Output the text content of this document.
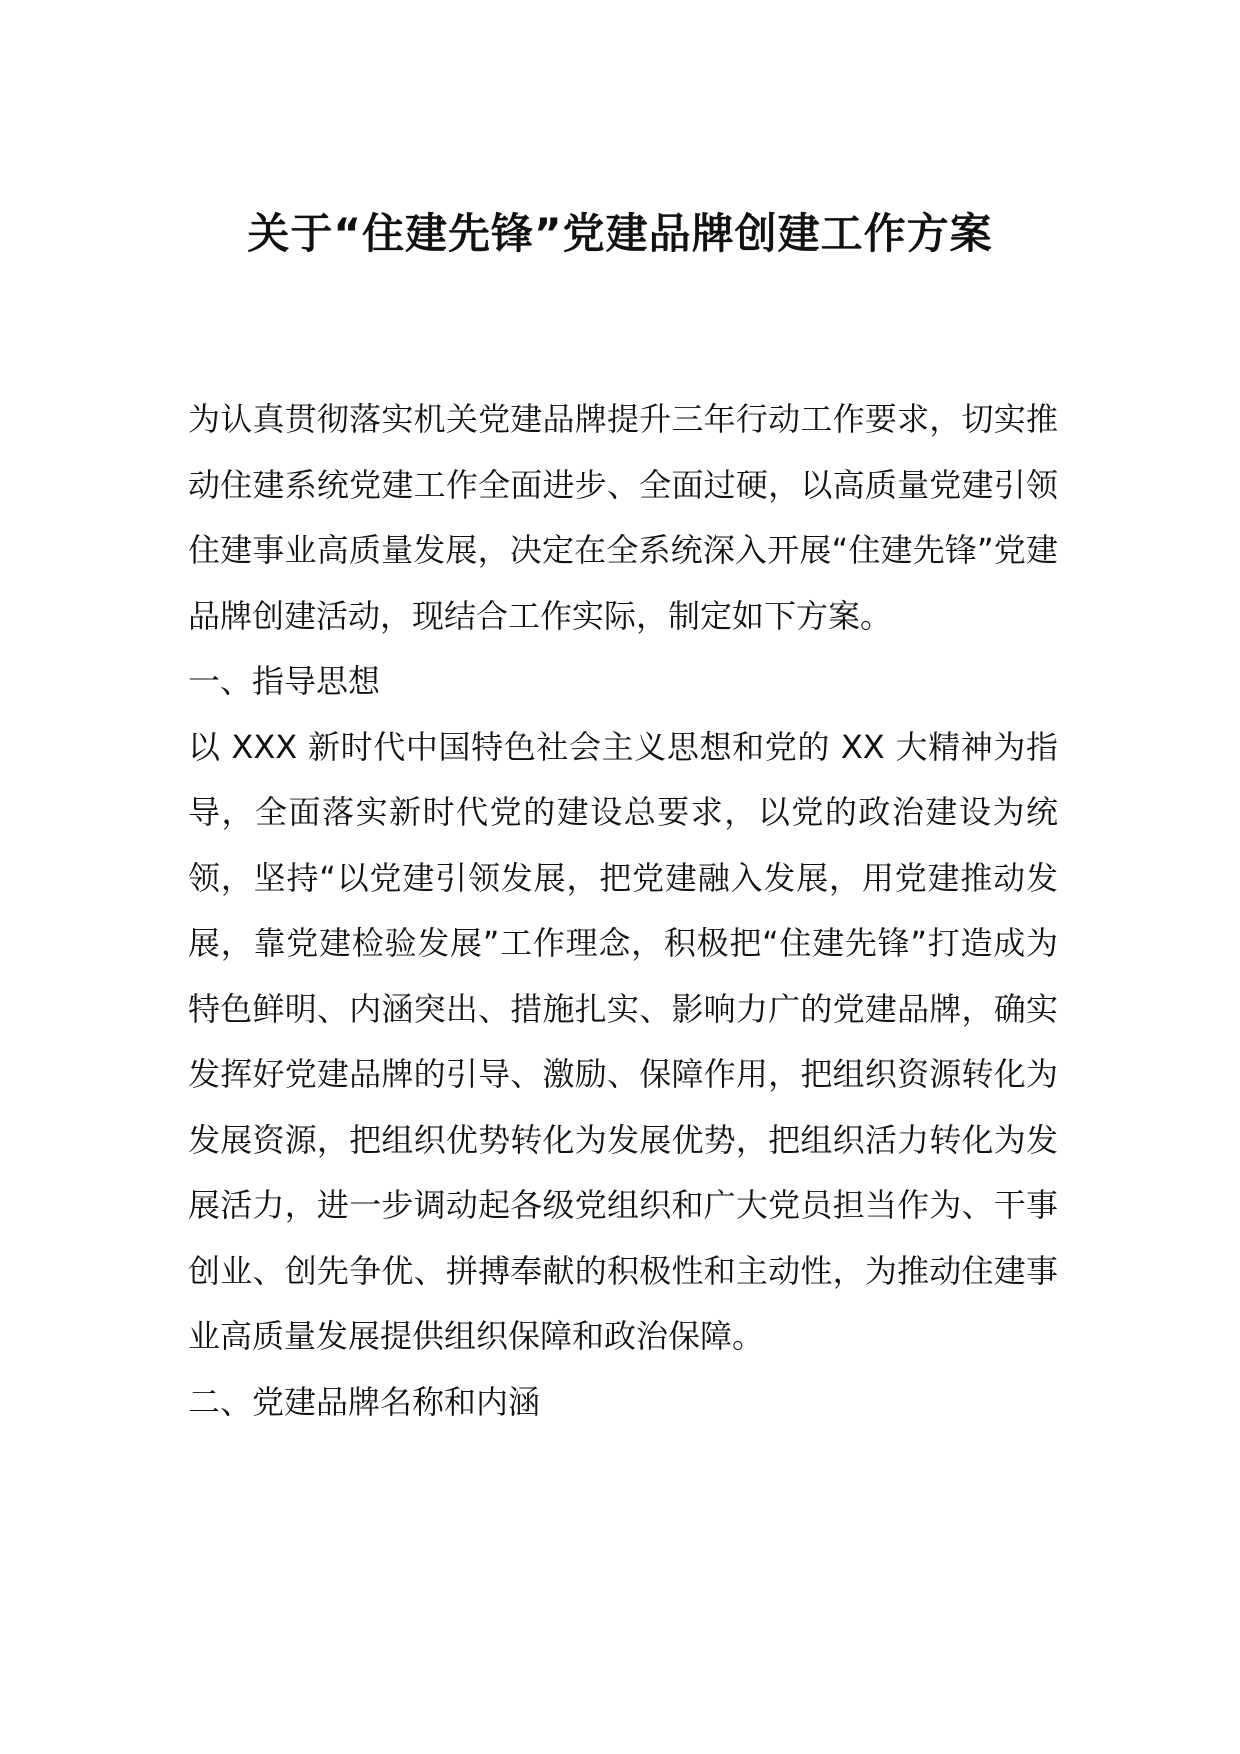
关于“住建先锋”党建品牌创建工作方案

为认真贯彻落实机关党建品牌提升三年行动工作要求，切实推动住建系统党建工作全面进步、全面过硬，以高质量党建引领住建事业高质量发展，决定在全系统深入开展“住建先锋”党建品牌创建活动，现结合工作实际，制定如下方案。

一、指导思想

以 XXX 新时代中国特色社会主义思想和党的 XX 大精神为指导，全面落实新时代党的建设总要求，以党的政治建设为统领，坚持“以党建引领发展，把党建融入发展，用党建推动发展，靠党建检验发展”工作理念，积极把“住建先锋”打造成为特色鲜明、内涵突出、措施扎实、影响力广的党建品牌，确实发挥好党建品牌的引导、激励、保障作用，把组织资源转化为发展资源，把组织优势转化为发展优势，把组织活力转化为发展活力，进一步调动起各级党组织和广大党员担当作为、干事创业、创先争优、拼搏奉献的积极性和主动性，为推动住建事业高质量发展提供组织保障和政治保障。

二、党建品牌名称和内涵
